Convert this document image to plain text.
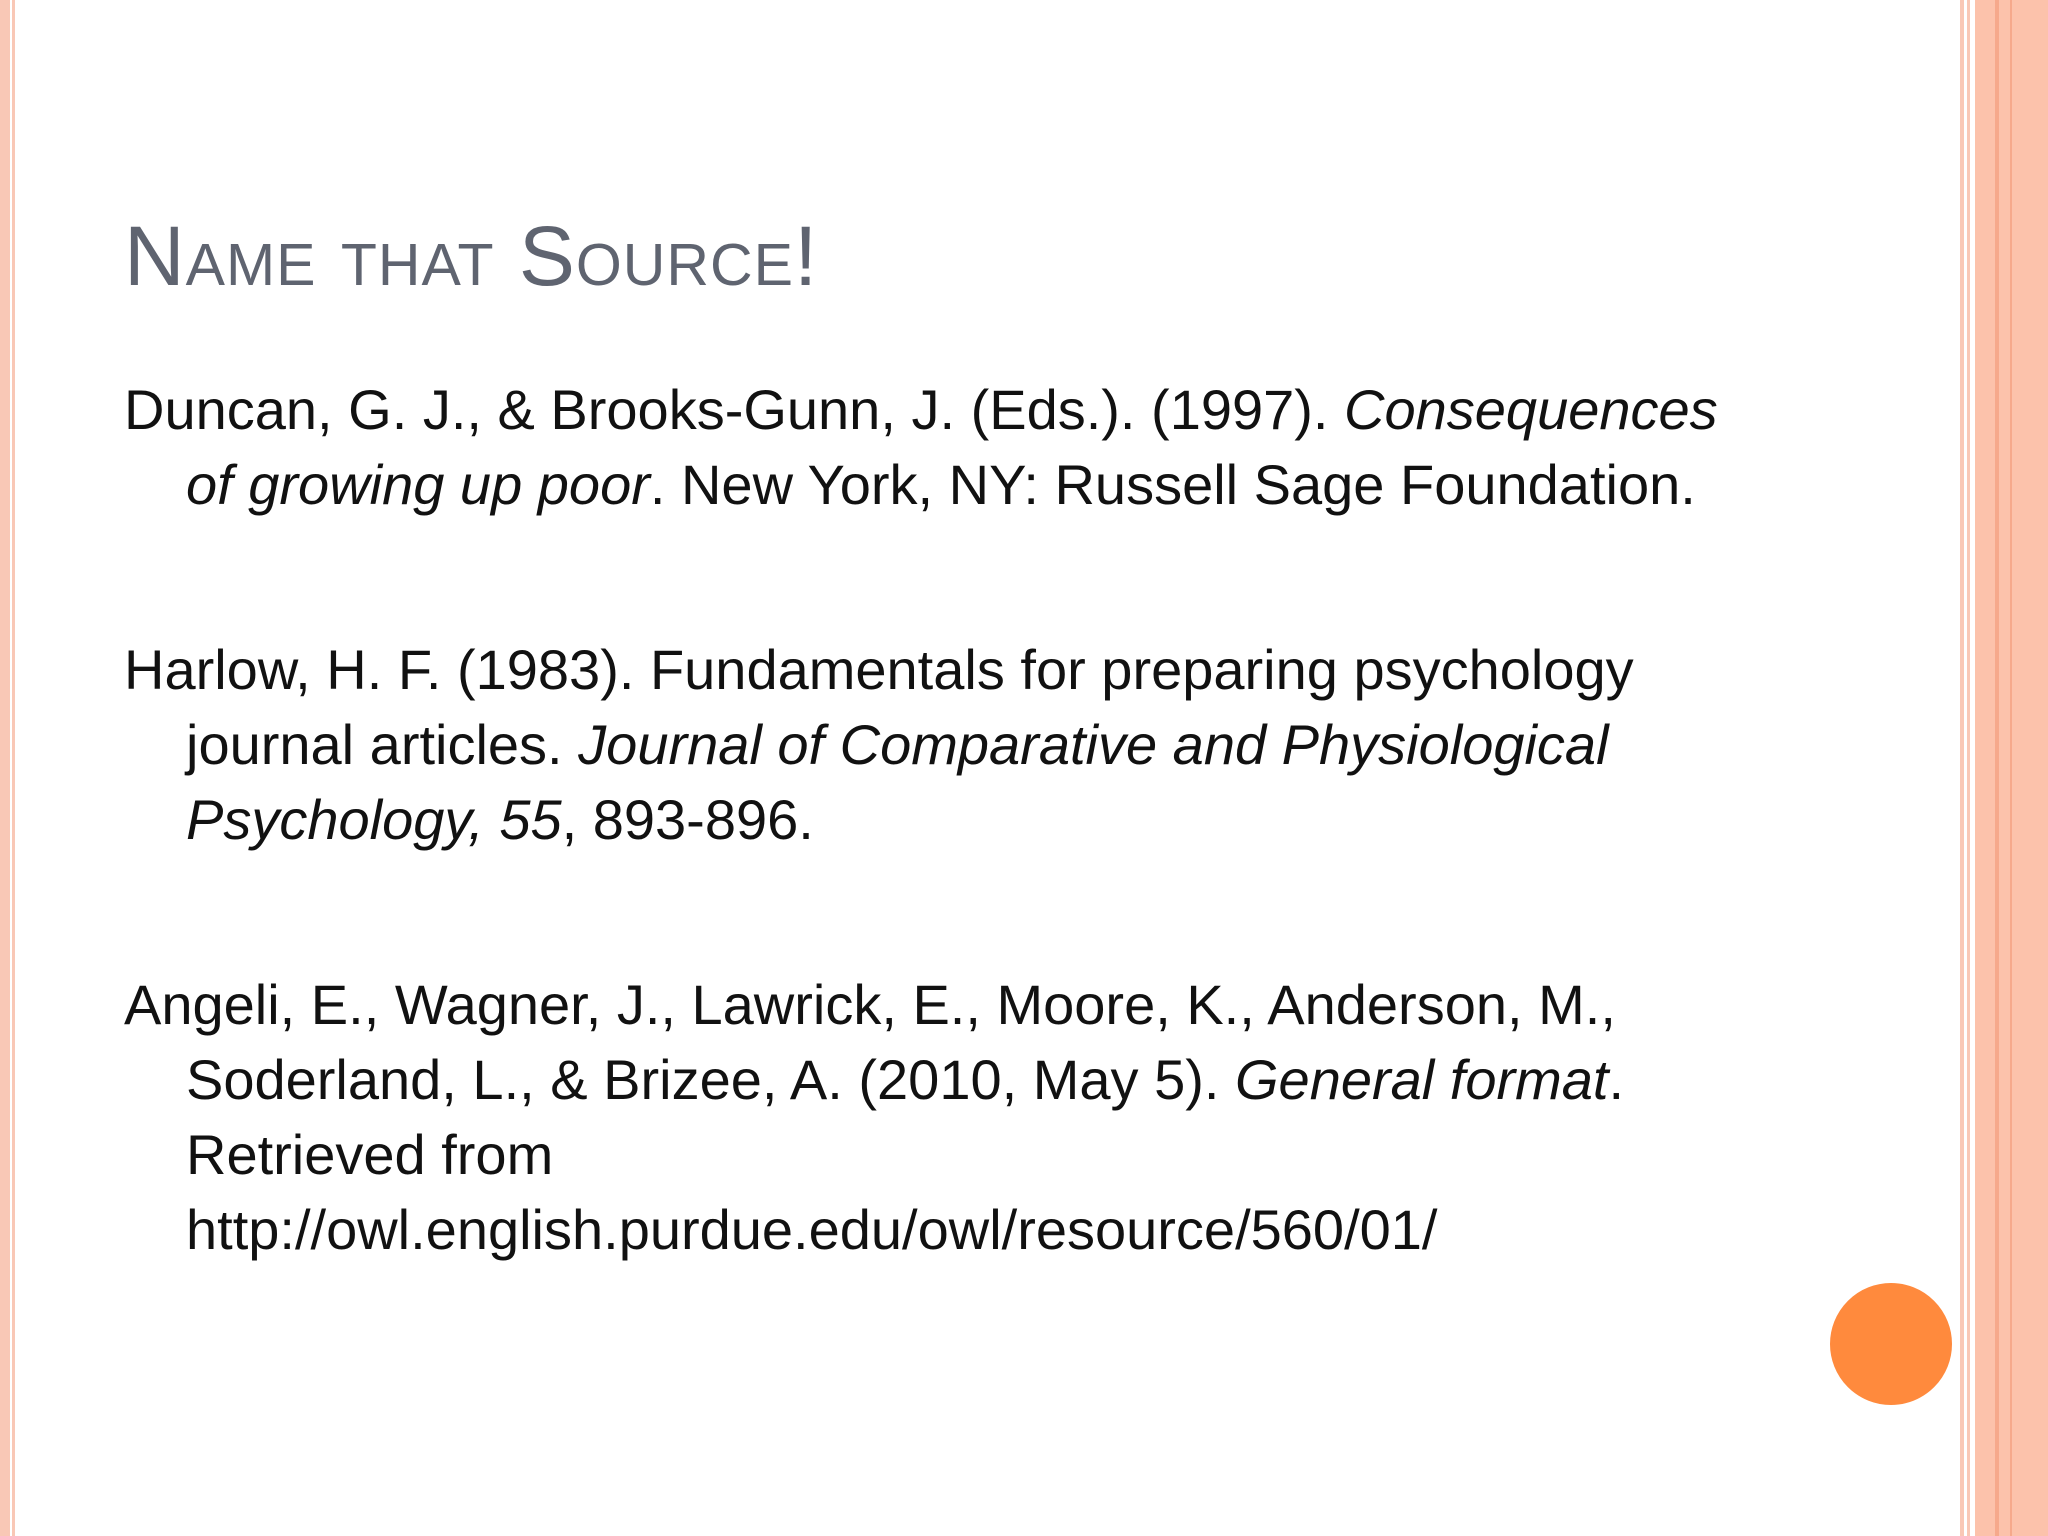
Name that Source!
Duncan, G. J., & Brooks-Gunn, J. (Eds.). (1997). Consequences of growing up poor. New York, NY: Russell Sage Foundation.
Harlow, H. F. (1983). Fundamentals for preparing psychology journal articles. Journal of Comparative and Physiological Psychology, 55, 893-896.
Angeli, E., Wagner, J., Lawrick, E., Moore, K., Anderson, M., Soderland, L., & Brizee, A. (2010, May 5). General format. Retrieved from http://owl.english.purdue.edu/owl/resource/560/01/
